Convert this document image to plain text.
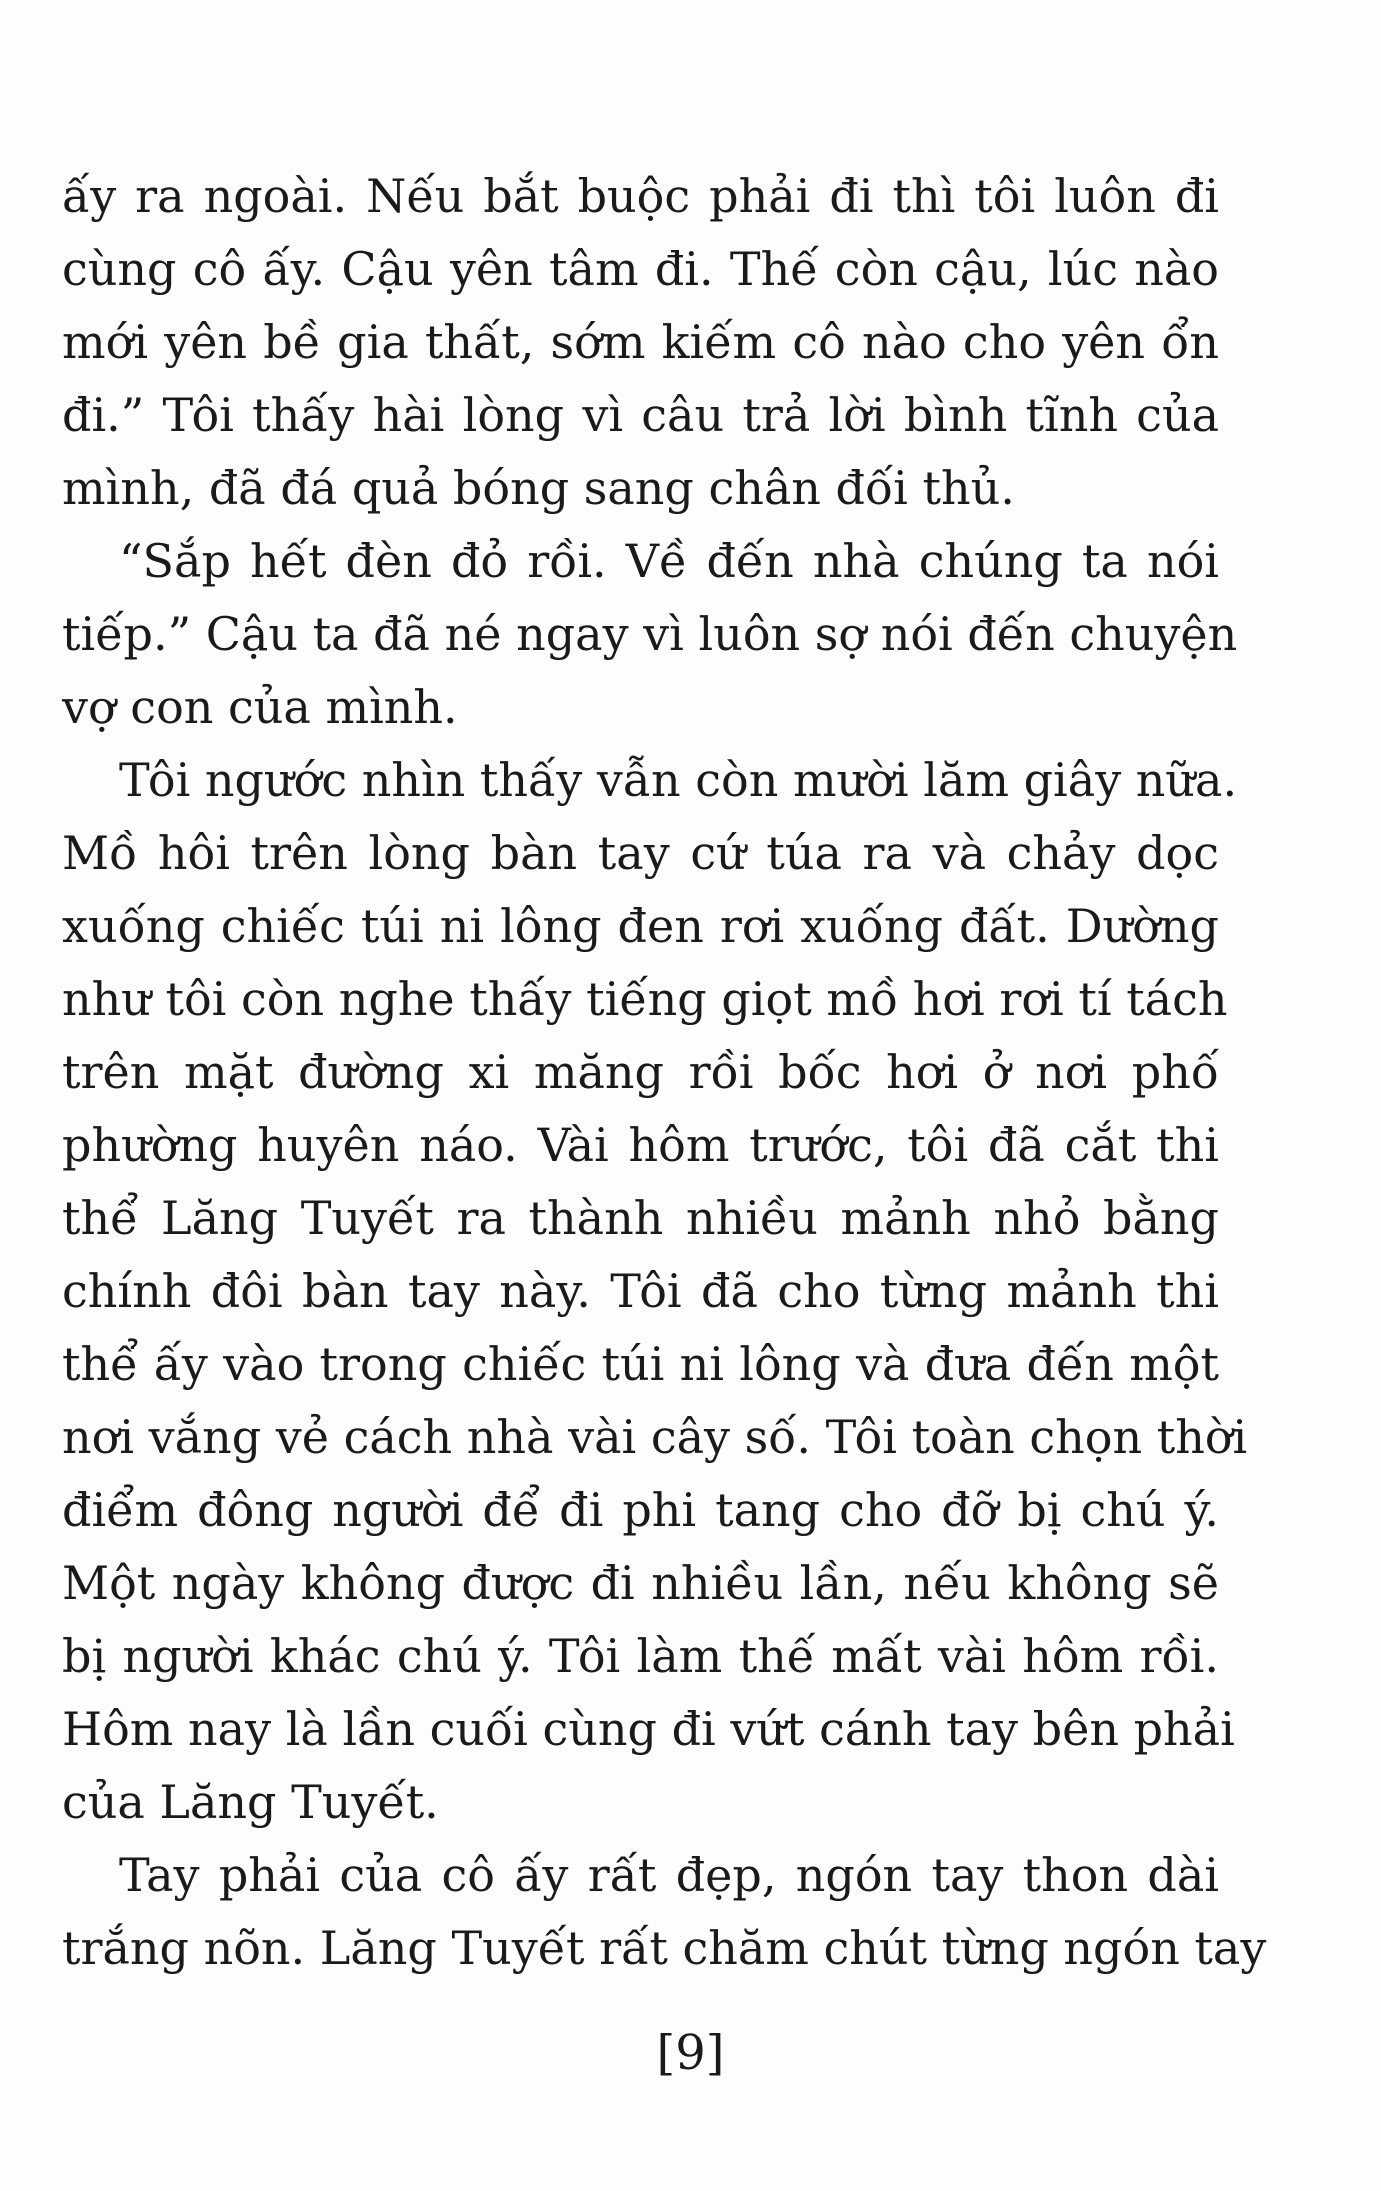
ấy ra ngoài. Nếu bắt buộc phải đi thì tôi luôn đi
cùng cô ấy. Cậu yên tâm đi. Thế còn cậu, lúc nào
mới yên bề gia thất, sớm kiếm cô nào cho yên ổn
đi.” Tôi thấy hài lòng vì câu trả lời bình tĩnh của
mình, đã đá quả bóng sang chân đối thủ.
“Sắp hết đèn đỏ rồi. Về đến nhà chúng ta nói
tiếp.” Cậu ta đã né ngay vì luôn sợ nói đến chuyện
vợ con của mình.
Tôi ngước nhìn thấy vẫn còn mười lăm giây nữa.
Mồ hôi trên lòng bàn tay cứ túa ra và chảy dọc
xuống chiếc túi ni lông đen rơi xuống đất. Dường
như tôi còn nghe thấy tiếng giọt mồ hơi rơi tí tách
trên mặt đường xi măng rồi bốc hơi ở nơi phố
phường huyên náo. Vài hôm trước, tôi đã cắt thi
thể Lăng Tuyết ra thành nhiều mảnh nhỏ bằng
chính đôi bàn tay này. Tôi đã cho từng mảnh thi
thể ấy vào trong chiếc túi ni lông và đưa đến một
nơi vắng vẻ cách nhà vài cây số. Tôi toàn chọn thời
điểm đông người để đi phi tang cho đỡ bị chú ý.
Một ngày không được đi nhiều lần, nếu không sẽ
bị người khác chú ý. Tôi làm thế mất vài hôm rồi.
Hôm nay là lần cuối cùng đi vứt cánh tay bên phải
của Lăng Tuyết.
Tay phải của cô ấy rất đẹp, ngón tay thon dài
trắng nõn. Lăng Tuyết rất chăm chút từng ngón tay
[9]
